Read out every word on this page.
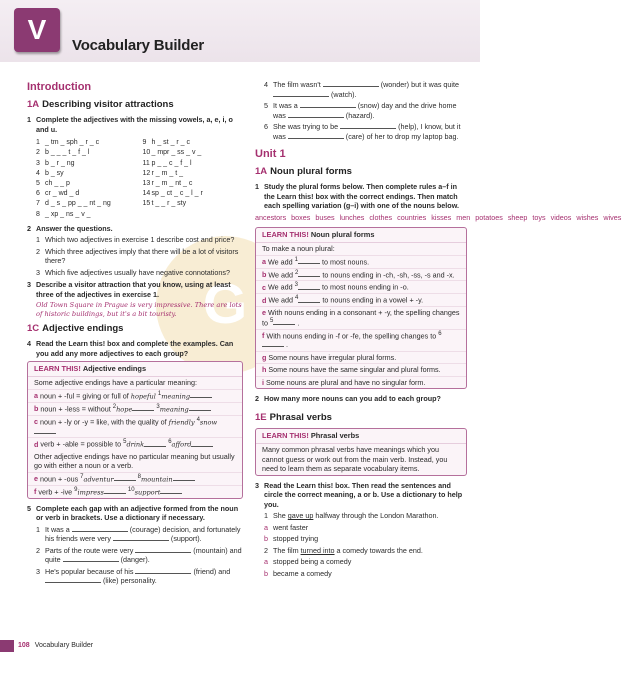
V
Vocabulary Builder
G
Introduction
1A Describing visitor attractions
1 Complete the adjectives with the missing vowels, a, e, i, o and u.
1 _ tm _ sph _ r _ c
2 b _ _ _ t _ f _ l
3 b _ r _ ng
4 b _ sy
5 ch _ _ p
6 cr _ wd _ d
7 d _ s _ pp _ _ nt _ ng
8 _ xp _ ns _ v _
9 h _ st _ r _ c
10 _ mpr _ ss _ v _
11 p _ _ c _ f _ l
12 r _ m _ t _
13 r _ m _ nt _ c
14 sp _ ct _ c _ l _ r
15 t _ _ r _ sty
2 Answer the questions.
1 Which two adjectives in exercise 1 describe cost and price?
2 Which three adjectives imply that there will be a lot of visitors there?
3 Which five adjectives usually have negative connotations?
3 Describe a visitor attraction that you know, using at least three of the adjectives in exercise 1.
Old Town Square in Prague is very impressive. There are lots of historic buildings, but it's a bit touristy.
1C Adjective endings
4 Read the Learn this! box and complete the examples. Can you add any more adjectives to each group?
LEARN THIS! Adjective endings
Some adjective endings have a particular meaning:
a noun + -ful = giving or full of hopeful $^1$meaning
b noun + -less = without $^2$hope	$^3$meaning
c noun + -ly or -y = like, with the quality of friendly $^4$snow
d verb + -able = possible to $^5$drink	$^6$afford
Other adjective endings have no particular meaning but usually go with either a noun or a verb.
e noun + -ous $^7$adventur	$^8$mountain
f verb + -ive $^9$impress	$^{10}$support
5 Complete each gap with an adjective formed from the noun or verb in brackets. Use a dictionary if necessary.
1 It was a	(courage) decision, and fortunately his friends were very	(support).
2 Parts of the route were very	(mountain) and quite	(danger).
3 He's popular because of his	(friend) and  (like) personality.
4 The film wasn't	(wonder) but it was quite  (watch).
5 It was a	(snow) day and the drive home was	(hazard).
6 She was trying to be	(help), I know, but it was	(care) of her to drop my laptop bag.
Unit 1
1A Noun plural forms
1 Study the plural forms below. Then complete rules a–f in the Learn this! box with the correct endings. Then match each spelling variation (g–i) with one of the nouns below.
ancestors boxes buses lunches clothes countries kisses men potatoes sheep toys videos wishes wives
LEARN THIS! Noun plural forms
To make a noun plural:
a We add $^1$	to most nouns.
b We add $^2$	to nouns ending in -ch, -sh, -ss, -s and -x.
c We add $^3$	to most nouns ending in -o.
d We add $^4$	to nouns ending in a vowel + -y.
e With nouns ending in a consonant + -y, the spelling changes to $^5$	.
f With nouns ending in -f or -fe, the spelling changes to $^6$ .
g Some nouns have irregular plural forms.
h Some nouns have the same singular and plural forms.
i Some nouns are plural and have no singular form.
2 How many more nouns can you add to each group?
1E Phrasal verbs
LEARN THIS! Phrasal verbs
Many common phrasal verbs have meanings which you cannot guess or work out from the main verb. Instead, you need to learn them as separate vocabulary items.
3 Read the Learn this! box. Then read the sentences and circle the correct meaning, a or b. Use a dictionary to help you.
1 She gave up halfway through the London Marathon.
a went faster
b stopped trying
2 The film turned into a comedy towards the end.
a stopped being a comedy
b became a comedy
108 Vocabulary Builder
